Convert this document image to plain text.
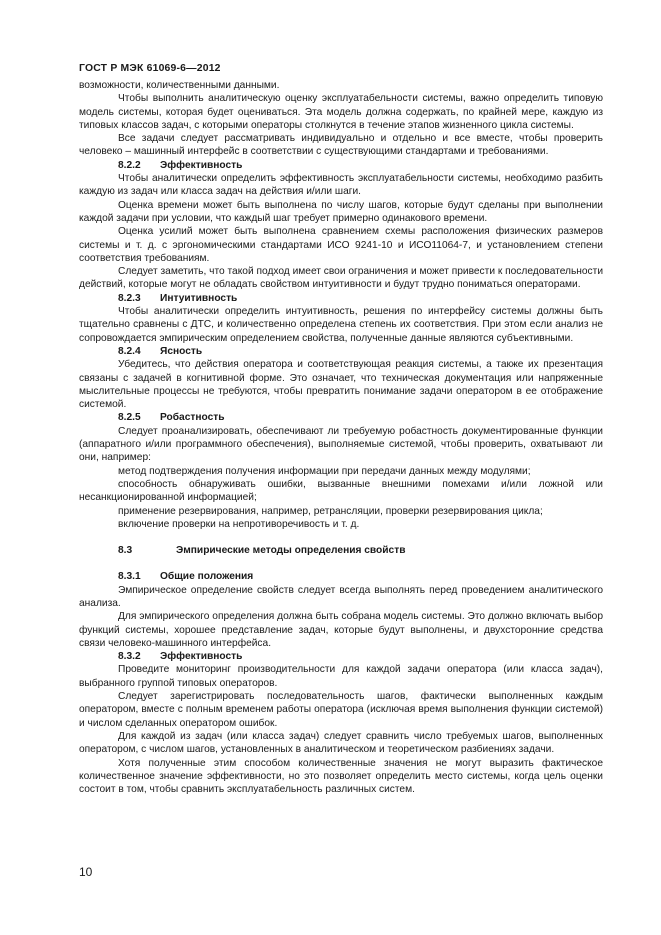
ГОСТ Р МЭК 61069-6—2012

возможности, количественными данными.

Чтобы выполнить аналитическую оценку эксплуатабельности системы, важно определить типовую модель системы, которая будет оцениваться. Эта модель должна содержать, по крайней мере, каждую из типовых классов задач, с которыми операторы столкнутся в течение этапов жизненного цикла системы.

Все задачи следует рассматривать индивидуально и отдельно и все вместе, чтобы проверить человеко – машинный интерфейс в соответствии с существующими стандартами и требованиями.

8.2.2 Эффективность

Чтобы аналитически определить эффективность эксплуатабельности системы, необходимо разбить каждую из задач или класса задач на действия и/или шаги.

Оценка времени может быть выполнена по числу шагов, которые будут сделаны при выполнении каждой задачи при условии, что каждый шаг требует примерно одинакового времени.

Оценка усилий может быть выполнена сравнением схемы расположения физических размеров системы и т. д. с эргономическими стандартами ИСО 9241-10 и ИСО11064-7, и установлением степени соответствия требованиям.

Следует заметить, что такой подход имеет свои ограничения и может привести к последовательности действий, которые могут не обладать свойством интуитивности и будут трудно пониматься операторами.

8.2.3 Интуитивность

Чтобы аналитически определить интуитивность, решения по интерфейсу системы должны быть тщательно сравнены с ДТС, и количественно определена степень их соответствия. При этом если анализ не сопровождается эмпирическим определением свойства, полученные данные являются субъективными.

8.2.4 Ясность

Убедитесь, что действия оператора и соответствующая реакция системы, а также их презентация связаны с задачей в когнитивной форме. Это означает, что техническая документация или напряженные мыслительные процессы не требуются, чтобы превратить понимание задачи оператором в ее отображение системой.

8.2.5 Робастность

Следует проанализировать, обеспечивают ли требуемую робастность документированные функции (аппаратного и/или программного обеспечения), выполняемые системой, чтобы проверить, охватывают ли они, например:

метод подтверждения получения информации при передачи данных между модулями;

способность обнаруживать ошибки, вызванные внешними помехами и/или ложной или несанкционированной информацией;

применение резервирования, например, ретрансляции, проверки резервирования цикла;

включение проверки на непротиворечивость и т. д.

8.3	Эмпирические методы определения свойств

8.3.1 Общие положения

Эмпирическое определение свойств следует всегда выполнять перед проведением аналитического анализа.

Для эмпирического определения должна быть собрана модель системы. Это должно включать выбор функций системы, хорошее представление задач, которые будут выполнены, и двухсторонние средства связи человеко-машинного интерфейса.

8.3.2 Эффективность

Проведите мониторинг производительности для каждой задачи оператора (или класса задач), выбранного группой типовых операторов.

Следует зарегистрировать последовательность шагов, фактически выполненных каждым оператором, вместе с полным временем работы оператора (исключая время выполнения функции системой) и числом сделанных оператором ошибок.

Для каждой из задач (или класса задач) следует сравнить число требуемых шагов, выполненных оператором, с числом шагов, установленных в аналитическом и теоретическом разбиениях задачи.

Хотя полученные этим способом количественные значения не могут выразить фактическое количественное значение эффективности, но это позволяет определить место системы, когда цель оценки состоит в том, чтобы сравнить эксплуатабельность различных систем.

10
